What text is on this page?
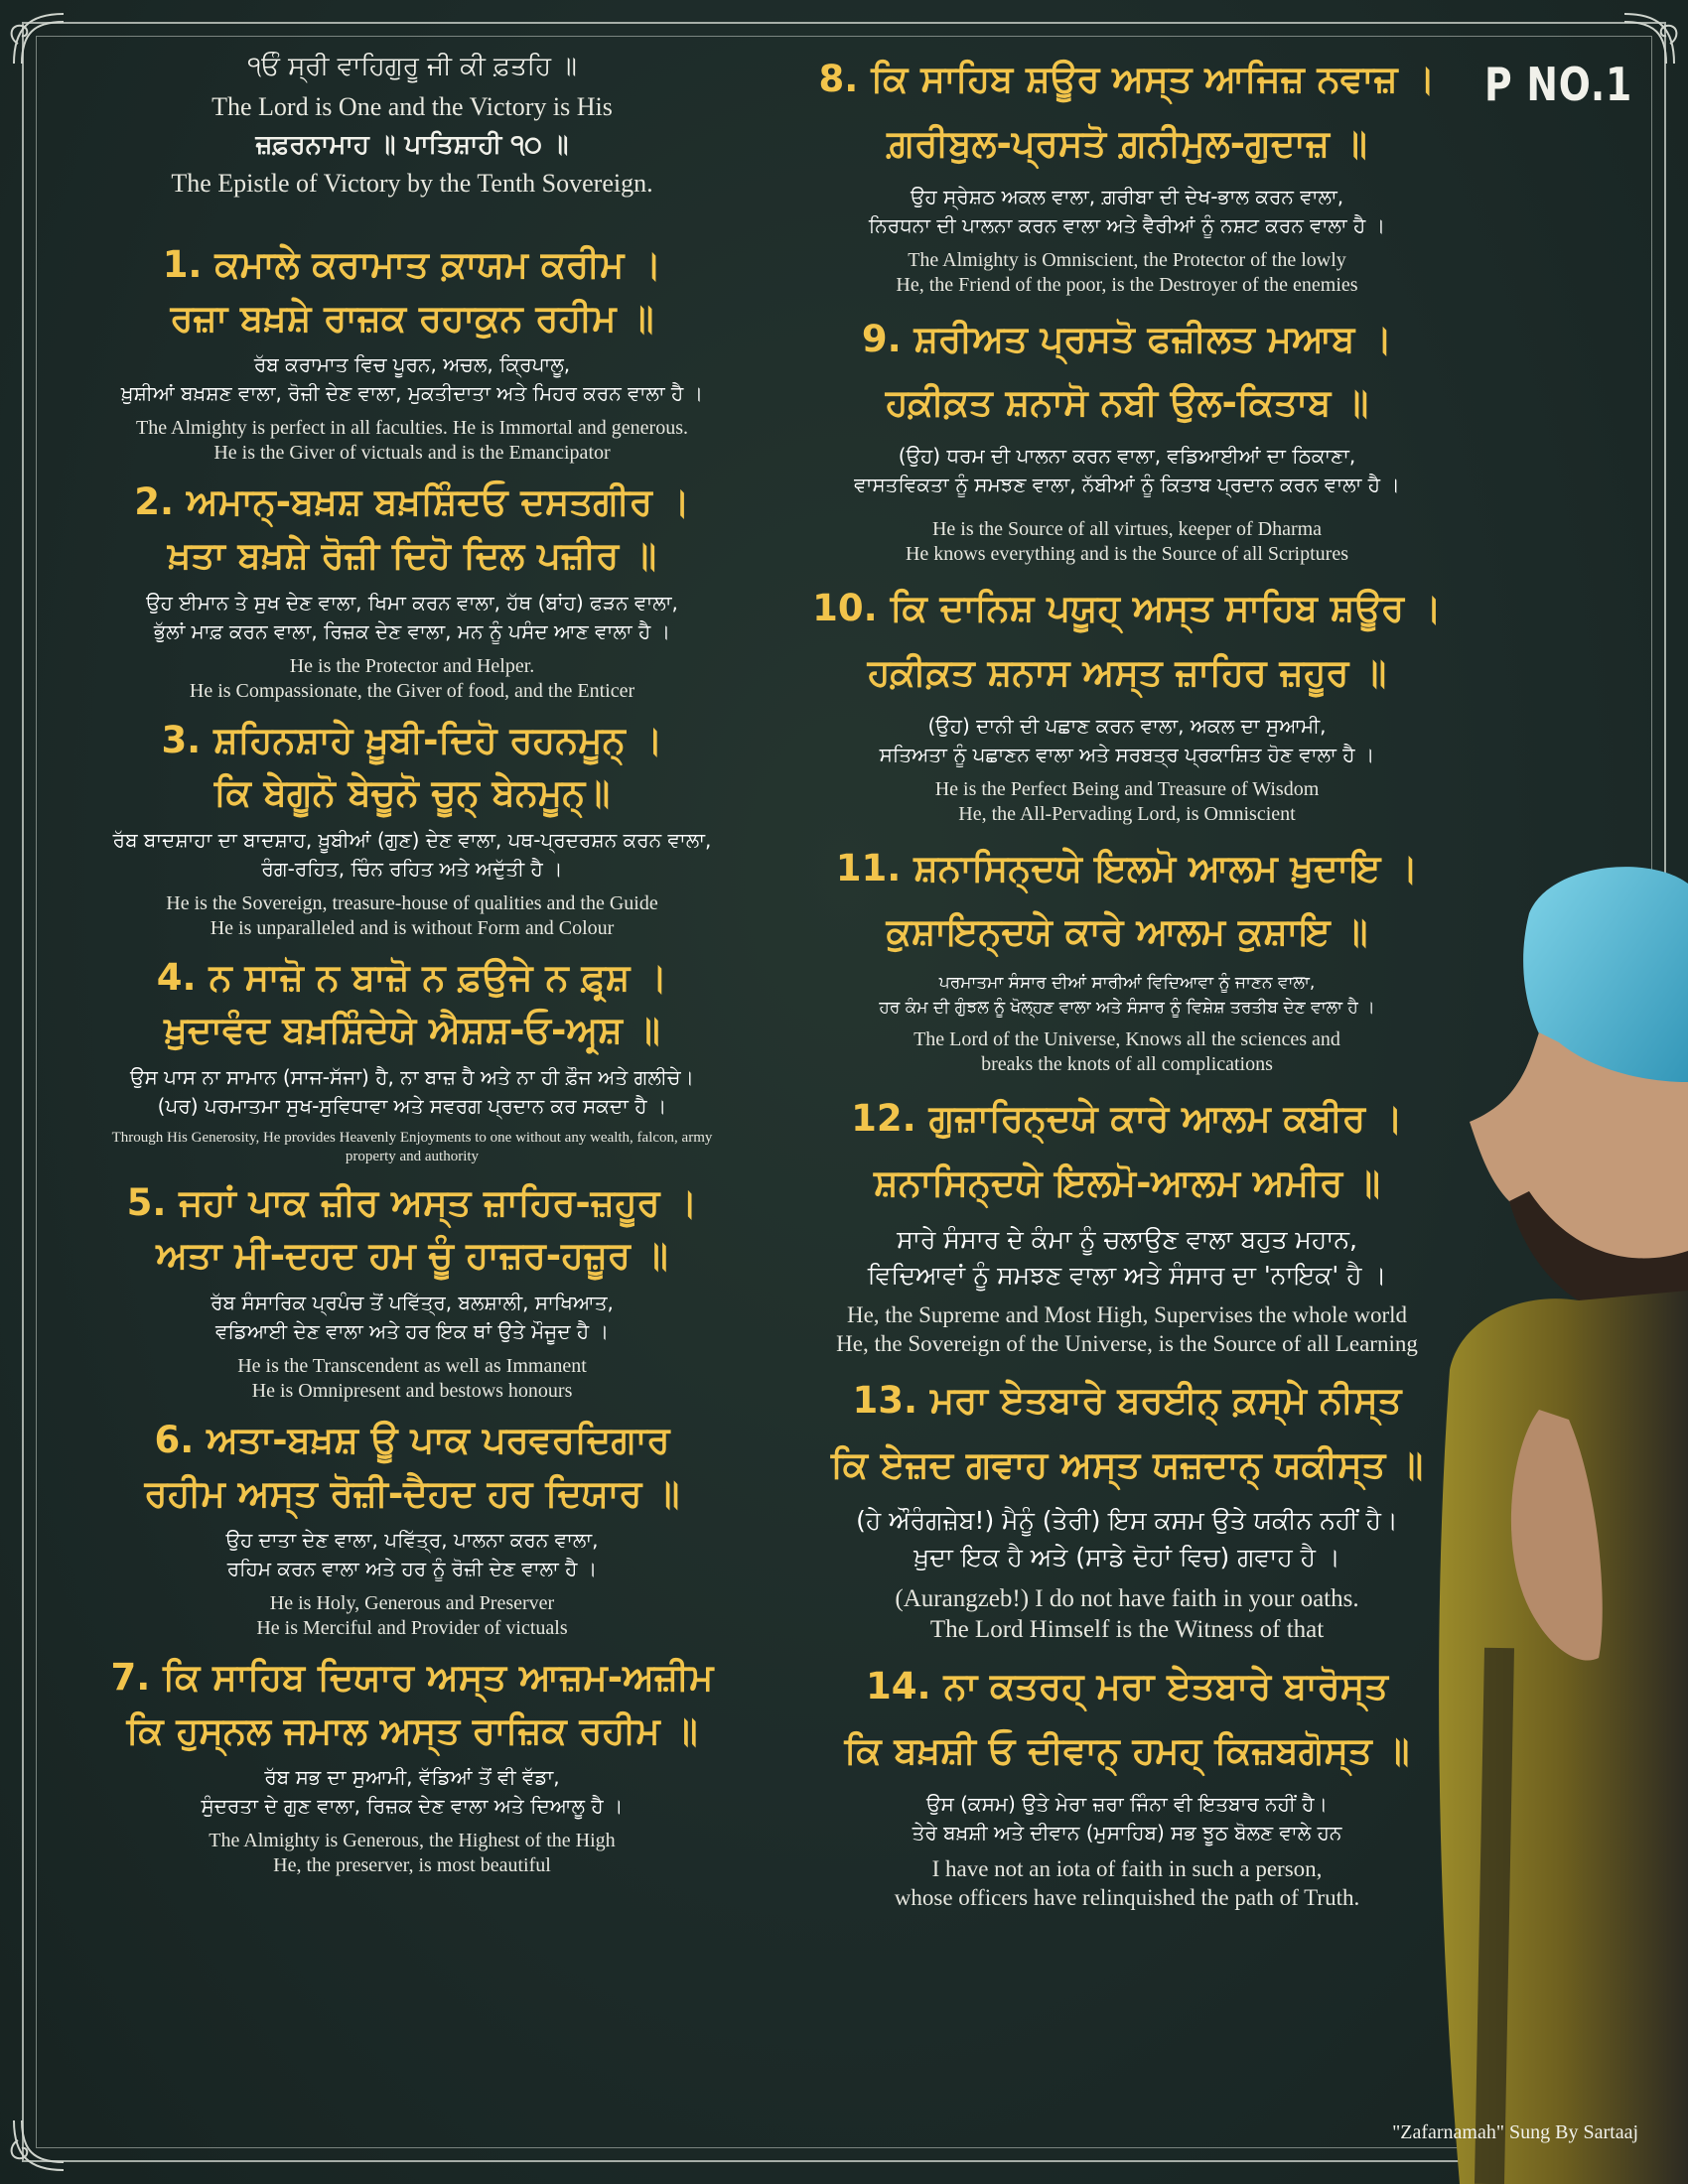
੧ਓੰ ਸ੍ਰੀ ਵਾਹਿਗੁਰੂ ਜੀ ਕੀ ਫ਼ਤਹਿ ॥
The Lord is One and the Victory is His
ਜ਼ਫ਼ਰਨਾਮਾਹ ॥ ਪਾਤਿਸ਼ਾਹੀ ੧੦ ॥
The Epistle of Victory by the Tenth Sovereign.
1. ਕਮਾਲੇ ਕਰਾਮਾਤ ਕ਼ਾਯਮ ਕਰੀਮ ।
ਰਜ਼ਾ ਬਖ਼ਸ਼ੇ ਰਾਜ਼ਕ ਰਹਾਕੁਨ ਰਹੀਮ ॥
ਰੱਬ ਕਰਾਮਾਤ ਵਿਚ ਪੂਰਨ, ਅਚਲ, ਕ੍ਰਿਪਾਲੂ,
ਖ਼ੁਸ਼ੀਆਂ ਬਖ਼ਸ਼ਣ ਵਾਲਾ, ਰੋਜ਼ੀ ਦੇਣ ਵਾਲਾ, ਮੁਕਤੀਦਾਤਾ ਅਤੇ ਮਿਹਰ ਕਰਨ ਵਾਲਾ ਹੈ ।
The Almighty is perfect in all faculties. He is Immortal and generous.
He is the Giver of victuals and is the Emancipator
2. ਅਮਾਨ੍-ਬਖ਼ਸ਼ ਬਖ਼ਸ਼ਿੰਦਓ ਦਸਤਗੀਰ ।
ਖ਼ਤਾ ਬਖ਼ਸ਼ੇ ਰੋਜ਼ੀ ਦਿਹੋ ਦਿਲ ਪਜ਼ੀਰ ॥
ਉਹ ਈਮਾਨ ਤੇ ਸੁਖ ਦੇਣ ਵਾਲਾ, ਖਿਮਾ ਕਰਨ ਵਾਲਾ, ਹੱਥ (ਬਾਂਹ) ਫੜਨ ਵਾਲਾ,
ਭੁੱਲਾਂ ਮਾਫ਼ ਕਰਨ ਵਾਲਾ, ਰਿਜ਼ਕ ਦੇਣ ਵਾਲਾ, ਮਨ ਨੂੰ ਪਸੰਦ ਆਣ ਵਾਲਾ ਹੈ ।
He is the Protector and Helper.
He is Compassionate, the Giver of food, and the Enticer
3. ਸ਼ਹਿਨਸ਼ਾਹੇ ਖ਼ੂਬੀ-ਦਿਹੋ ਰਹਨਮੂਨ੍ ।
ਕਿ ਬੇਗੂਨੋ ਬੇਚੂਨੋ ਚੂਨ੍ ਬੇਨਮੂਨ੍॥
ਰੱਬ ਬਾਦਸ਼ਾਹਾ ਦਾ ਬਾਦਸ਼ਾਹ, ਖ਼ੂਬੀਆਂ (ਗੁਣ) ਦੇਣ ਵਾਲਾ, ਪਥ-ਪ੍ਰਦਰਸ਼ਨ ਕਰਨ ਵਾਲਾ,
ਰੰਗ-ਰਹਿਤ, ਚਿੰਨ ਰਹਿਤ ਅਤੇ ਅਦੁੱਤੀ ਹੈ ।
He is the Sovereign, treasure-house of qualities and the Guide
He is unparalleled and is without Form and Colour
4. ਨ ਸਾਜ਼ੋ ਨ ਬਾਜ਼ੋ ਨ ਫ਼ਉਜੇ ਨ ਫ਼ਰ੍ਸ਼ ।
ਖ਼ੁਦਾਵੰਦ ਬਖ਼ਸ਼ਿੰਦੇਯੇ ਐਸ਼ਸ਼-ਓ-ਅਰ੍ਸ਼ ॥
ਉਸ ਪਾਸ ਨਾ ਸਾਮਾਨ (ਸਾਜ-ਸੱਜਾ) ਹੈ, ਨਾ ਬਾਜ਼ ਹੈ ਅਤੇ ਨਾ ਹੀ ਫ਼ੌਜ ਅਤੇ ਗਲੀਚੇ।
(ਪਰ) ਪਰਮਾਤਮਾ ਸੁਖ-ਸੁਵਿਧਾਵਾ ਅਤੇ ਸਵਰਗ ਪ੍ਰਦਾਨ ਕਰ ਸਕਦਾ ਹੈ ।
Through His Generosity, He provides Heavenly Enjoyments to one without any wealth, falcon, army
property and authority
5. ਜਹਾਂ ਪਾਕ ਜ਼ੀਰ ਅਸ੍ਤ ਜ਼ਾਹਿਰ-ਜ਼ਹੂਰ ।
ਅਤਾ ਮੀ-ਦਹਦ ਹਮ ਚੂੰ ਹਾਜ਼ਰ-ਹਜ਼ੂਰ ॥
ਰੱਬ ਸੰਸਾਰਿਕ ਪ੍ਰਪੰਚ ਤੋਂ ਪਵਿੱਤ੍ਰ, ਬਲਸ਼ਾਲੀ, ਸਾਖਿਆਤ,
ਵਡਿਆਈ ਦੇਣ ਵਾਲਾ ਅਤੇ ਹਰ ਇਕ ਥਾਂ ਉਤੇ ਮੌਜੂਦ ਹੈ ।
He is the Transcendent as well as Immanent
He is Omnipresent and bestows honours
6. ਅਤਾ-ਬਖ਼ਸ਼ ਊ ਪਾਕ ਪਰਵਰਦਿਗਾਰ
ਰਹੀਮ ਅਸ੍ਤ ਰੋਜ਼ੀ-ਦੈਹਦ ਹਰ ਦਿਯਾਰ ॥
ਉਹ ਦਾਤਾ ਦੇਣ ਵਾਲਾ, ਪਵਿੱਤ੍ਰ, ਪਾਲਨਾ ਕਰਨ ਵਾਲਾ,
ਰਹਿਮ ਕਰਨ ਵਾਲਾ ਅਤੇ ਹਰ ਨੂੰ ਰੋਜ਼ੀ ਦੇਣ ਵਾਲਾ ਹੈ ।
He is Holy, Generous and Preserver
He is Merciful and Provider of victuals
7. ਕਿ ਸਾਹਿਬ ਦਿਯਾਰ ਅਸ੍ਤ ਆਜ਼ਮ-ਅਜ਼ੀਮ
ਕਿ ਹੁਸ੍ਨਲ ਜਮਾਲ ਅਸ੍ਤ ਰਾਜ਼ਿਕ ਰਹੀਮ ॥
ਰੱਬ ਸਭ ਦਾ ਸੁਆਮੀ, ਵੱਡਿਆਂ ਤੋਂ ਵੀ ਵੱਡਾ,
ਸੁੰਦਰਤਾ ਦੇ ਗੁਣ ਵਾਲਾ, ਰਿਜ਼ਕ ਦੇਣ ਵਾਲਾ ਅਤੇ ਦਿਆਲੂ ਹੈ ।
The Almighty is Generous, the Highest of the High
He, the preserver, is most beautiful
8. ਕਿ ਸਾਹਿਬ ਸ਼ਊਰ ਅਸ੍ਤ ਆਜਿਜ਼ ਨਵਾਜ਼ ।
ਗ਼ਰੀਬੁਲ-ਪ੍ਰਸਤੋ ਗ਼ਨੀਮੁਲ-ਗੁਦਾਜ਼ ॥
ਉਹ ਸ੍ਰੇਸ਼ਠ ਅਕਲ ਵਾਲਾ, ਗ਼ਰੀਬਾ ਦੀ ਦੇਖ-ਭਾਲ ਕਰਨ ਵਾਲਾ,
ਨਿਰਧਨਾ ਦੀ ਪਾਲਨਾ ਕਰਨ ਵਾਲਾ ਅਤੇ ਵੈਰੀਆਂ ਨੂੰ ਨਸ਼ਟ ਕਰਨ ਵਾਲਾ ਹੈ ।
The Almighty is Omniscient, the Protector of the lowly
He, the Friend of the poor, is the Destroyer of the enemies
9. ਸ਼ਰੀਅਤ ਪ੍ਰਸਤੋ ਫਜ਼ੀਲਤ ਮਆਬ ।
ਹਕ਼ੀਕ਼ਤ ਸ਼ਨਾਸੋ ਨਬੀ ਉਲ-ਕਿਤਾਬ ॥
(ਉਹ) ਧਰਮ ਦੀ ਪਾਲਨਾ ਕਰਨ ਵਾਲਾ, ਵਡਿਆਈਆਂ ਦਾ ਠਿਕਾਣਾ,
ਵਾਸਤਵਿਕਤਾ ਨੂੰ ਸਮਝਣ ਵਾਲਾ, ਨੱਬੀਆਂ ਨੂੰ ਕਿਤਾਬ ਪ੍ਰਦਾਨ ਕਰਨ ਵਾਲਾ ਹੈ ।
He is the Source of all virtues, keeper of Dharma
He knows everything and is the Source of all Scriptures
10. ਕਿ ਦਾਨਿਸ਼ ਪਯੂਹ੍ ਅਸ੍ਤ ਸਾਹਿਬ ਸ਼ਊਰ ।
ਹਕ਼ੀਕ਼ਤ ਸ਼ਨਾਸ ਅਸ੍ਤ ਜ਼ਾਹਿਰ ਜ਼ਹੂਰ ॥
(ਉਹ) ਦਾਨੀ ਦੀ ਪਛਾਣ ਕਰਨ ਵਾਲਾ, ਅਕਲ ਦਾ ਸੁਆਮੀ,
ਸਤਿਅਤਾ ਨੂੰ ਪਛਾਣਨ ਵਾਲਾ ਅਤੇ ਸਰਬਤ੍ਰ ਪ੍ਰਕਾਸ਼ਿਤ ਹੋਣ ਵਾਲਾ ਹੈ ।
He is the Perfect Being and Treasure of Wisdom
He, the All-Pervading Lord, is Omniscient
11. ਸ਼ਨਾਸਿਨ੍ਦਯੇ ਇਲਮੋ ਆਲਮ ਖ਼ੁਦਾਇ ।
ਕੁਸ਼ਾਇਨ੍ਦਯੇ ਕਾਰੇ ਆਲਮ ਕੁਸ਼ਾਇ ॥
ਪਰਮਾਤਮਾ ਸੰਸਾਰ ਦੀਆਂ ਸਾਰੀਆਂ ਵਿਦਿਆਵਾ ਨੂੰ ਜਾਣਨ ਵਾਲਾ,
ਹਰ ਕੰਮ ਦੀ ਗੁੰਝਲ ਨੂੰ ਖੋਲ੍ਹਣ ਵਾਲਾ ਅਤੇ ਸੰਸਾਰ ਨੂੰ ਵਿਸ਼ੇਸ਼ ਤਰਤੀਬ ਦੇਣ ਵਾਲਾ ਹੈ ।
The Lord of the Universe, Knows all the sciences and
breaks the knots of all complications
12. ਗੁਜ਼ਾਰਿਨ੍ਦਯੇ ਕਾਰੇ ਆਲਮ ਕਬੀਰ ।
ਸ਼ਨਾਸਿਨ੍ਦਯੇ ਇਲਮੋ-ਆਲਮ ਅਮੀਰ ॥
ਸਾਰੇ ਸੰਸਾਰ ਦੇ ਕੰਮਾ ਨੂੰ ਚਲਾਉਣ ਵਾਲਾ ਬਹੁਤ ਮਹਾਨ,
ਵਿਦਿਆਵਾਂ ਨੂੰ ਸਮਝਣ ਵਾਲਾ ਅਤੇ ਸੰਸਾਰ ਦਾ 'ਨਾਇਕ' ਹੈ ।
He, the Supreme and Most High, Supervises the whole world
He, the Sovereign of the Universe, is the Source of all Learning
13. ਮਰਾ ਏਤਬਾਰੇ ਬਰਈਨ੍ ਕ਼ਸ੍ਮੇ ਨੀਸ੍ਤ
ਕਿ ਏਜ਼ਦ ਗਵਾਹ ਅਸ੍ਤ ਯਜ਼ਦਾਨ੍ ਯਕੀਸ੍ਤ ॥
(ਹੇ ਔਰੰਗਜ਼ੇਬ!) ਮੈਨੂੰ (ਤੇਰੀ) ਇਸ ਕਸਮ ਉਤੇ ਯਕੀਨ ਨਹੀਂ ਹੈ।
ਖ਼ੁਦਾ ਇਕ ਹੈ ਅਤੇ (ਸਾਡੇ ਦੋਹਾਂ ਵਿਚ) ਗਵਾਹ ਹੈ ।
(Aurangzeb!) I do not have faith in your oaths.
The Lord Himself is the Witness of that
14. ਨਾ ਕਤਰਹ੍ ਮਰਾ ਏਤਬਾਰੇ ਬਾਰੋਸ੍ਤ
ਕਿ ਬਖ਼ਸ਼ੀ ਓ ਦੀਵਾਨ੍ ਹਮਹ੍ ਕਿਜ਼ਬਗੋਸ੍ਤ ॥
ਉਸ (ਕਸਮ) ਉਤੇ ਮੇਰਾ ਜ਼ਰਾ ਜਿੰਨਾ ਵੀ ਇਤਬਾਰ ਨਹੀਂ ਹੈ।
ਤੇਰੇ ਬਖ਼ਸ਼ੀ ਅਤੇ ਦੀਵਾਨ (ਮੁਸਾਹਿਬ) ਸਭ ਝੂਠ ਬੋਲਣ ਵਾਲੇ ਹਨ
I have not an iota of faith in such a person,
whose officers have relinquished the path of Truth.
P NO.1
"Zafarnamah" Sung By Sartaaj
